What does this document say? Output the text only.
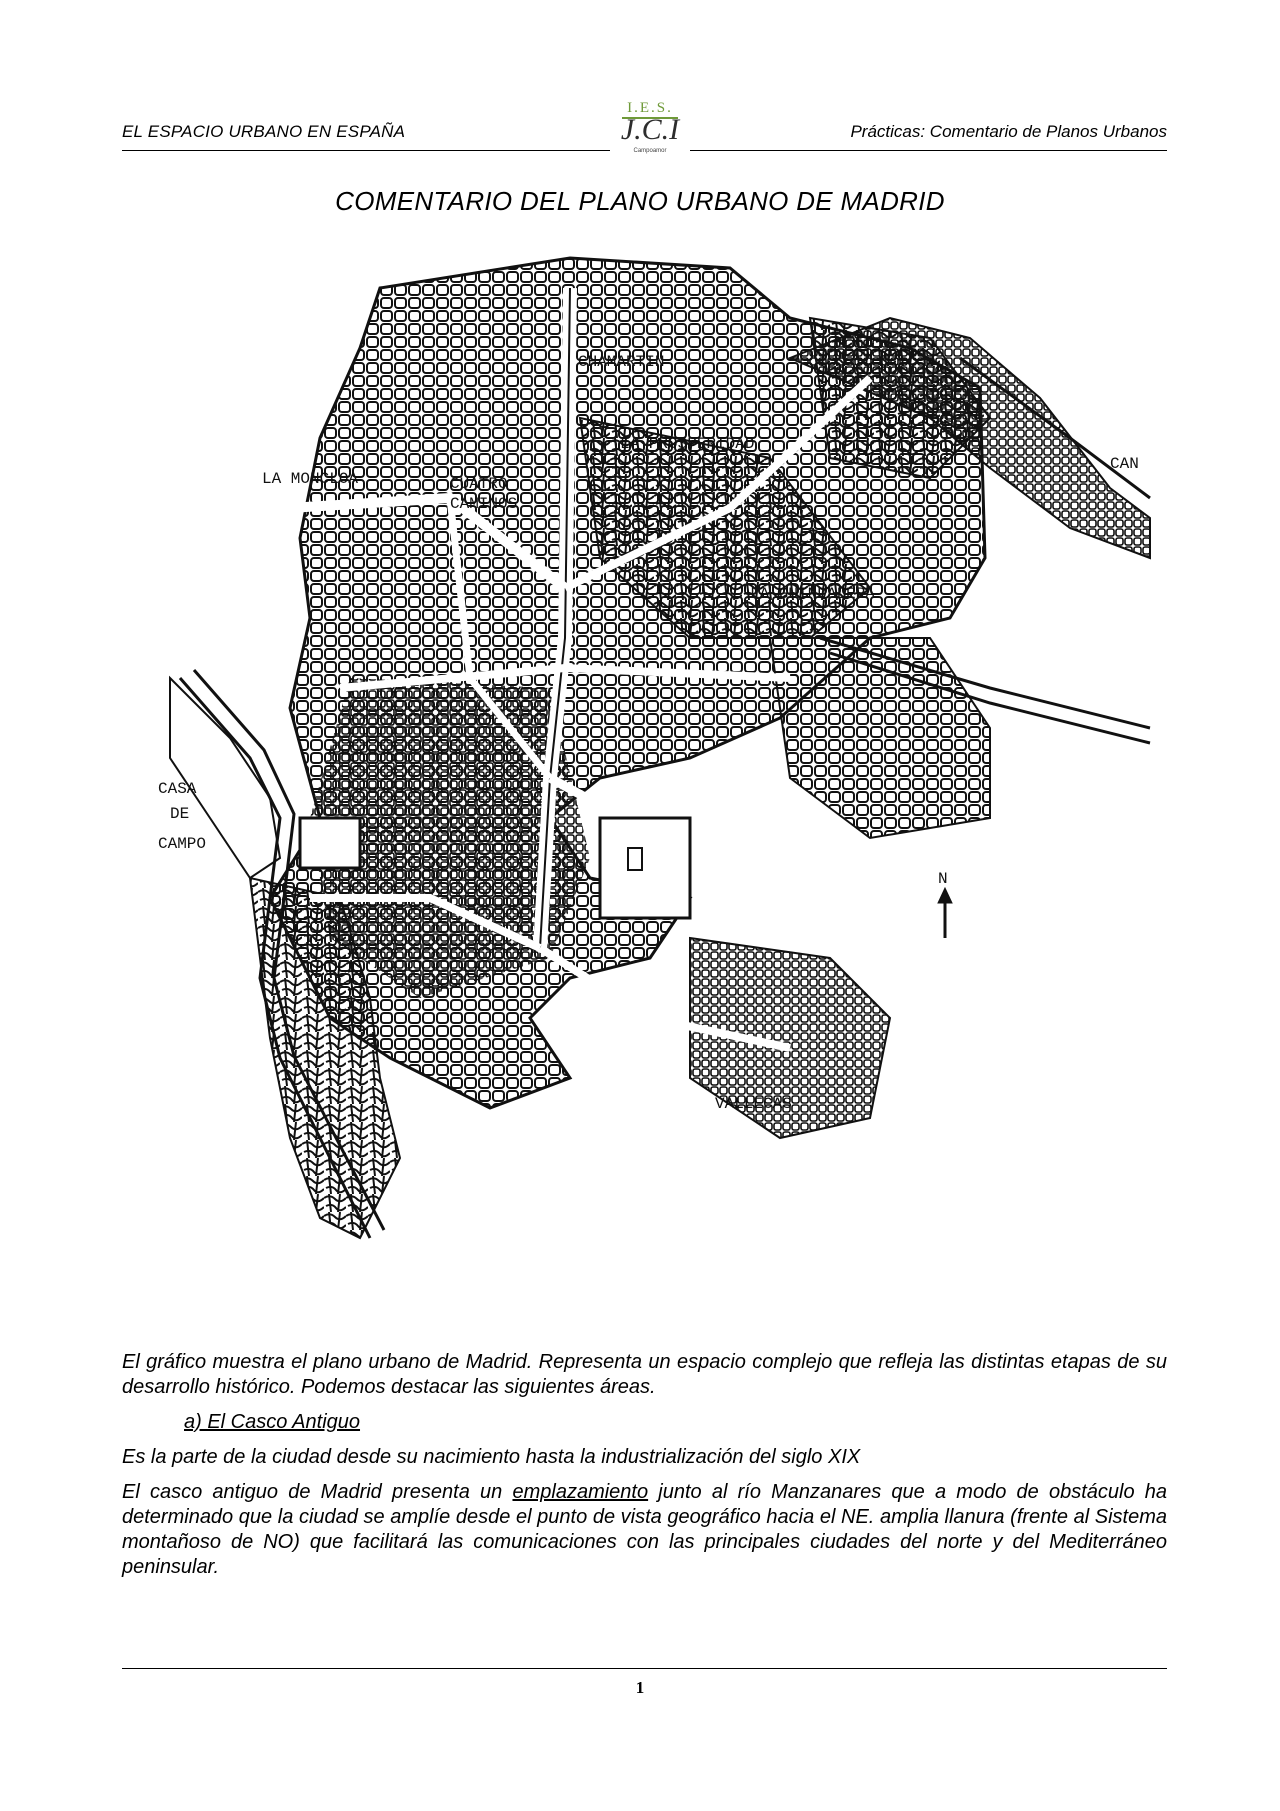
EL ESPACIO URBANO EN ESPAÑA	Prácticas: Comentario de Planos Urbanos
I.E.S.
J.C.I
Campoamor
COMENTARIO DEL PLANO URBANO DE MADRID
CHAMARTIN
LA PROSPERIDAD
LA MONCLOA	CUATRO
CAMINOS
CAN
LA GUINDALERA
CASA
DE
CAMPO
VALLECAS
N

El gráfico muestra el plano urbano de Madrid. Representa un espacio complejo que refleja las distintas etapas de su desarrollo histórico. Podemos destacar las siguientes áreas.

a) El Casco Antiguo

Es la parte de la ciudad desde su nacimiento hasta la industrialización del siglo XIX

El casco antiguo de Madrid presenta un emplazamiento junto al río Manzanares que a modo de obstáculo ha determinado que la ciudad se amplíe desde el punto de vista geográfico hacia el NE. amplia llanura (frente al Sistema montañoso de NO) que facilitará las comunicaciones con las principales ciudades del norte y del Mediterráneo peninsular.

1
